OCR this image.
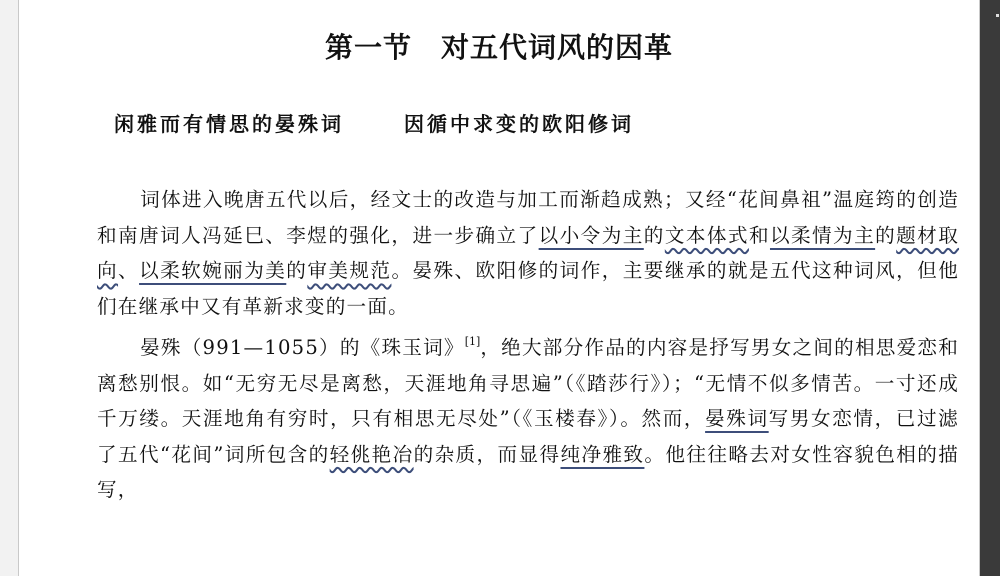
第一节　对五代词风的因革
闲雅而有情思的晏殊词	因循中求变的欧阳修词

词体进入晚唐五代以后，经文士的改造与加工而渐趋成熟；又经“花间鼻祖”温庭筠的创造和南唐词人冯延巳、李煜的强化，进一步确立了以小令为主的文本体式和以柔情为主的题材取向、以柔软婉丽为美的审美规范。晏殊、欧阳修的词作，主要继承的就是五代这种词风，但他们在继承中又有革新求变的一面。

晏殊（991—1055）的《珠玉词》[1]，绝大部分作品的内容是抒写男女之间的相思爱恋和离愁别恨。如“无穷无尽是离愁，天涯地角寻思遍”（《踏莎行》）；“无情不似多情苦。一寸还成千万缕。天涯地角有穷时，只有相思无尽处”（《玉楼春》）。然而，晏殊词写男女恋情，已过滤了五代“花间”词所包含的轻佻艳冶的杂质，而显得纯净雅致。他往往略去对女性容貌色相的描写，
